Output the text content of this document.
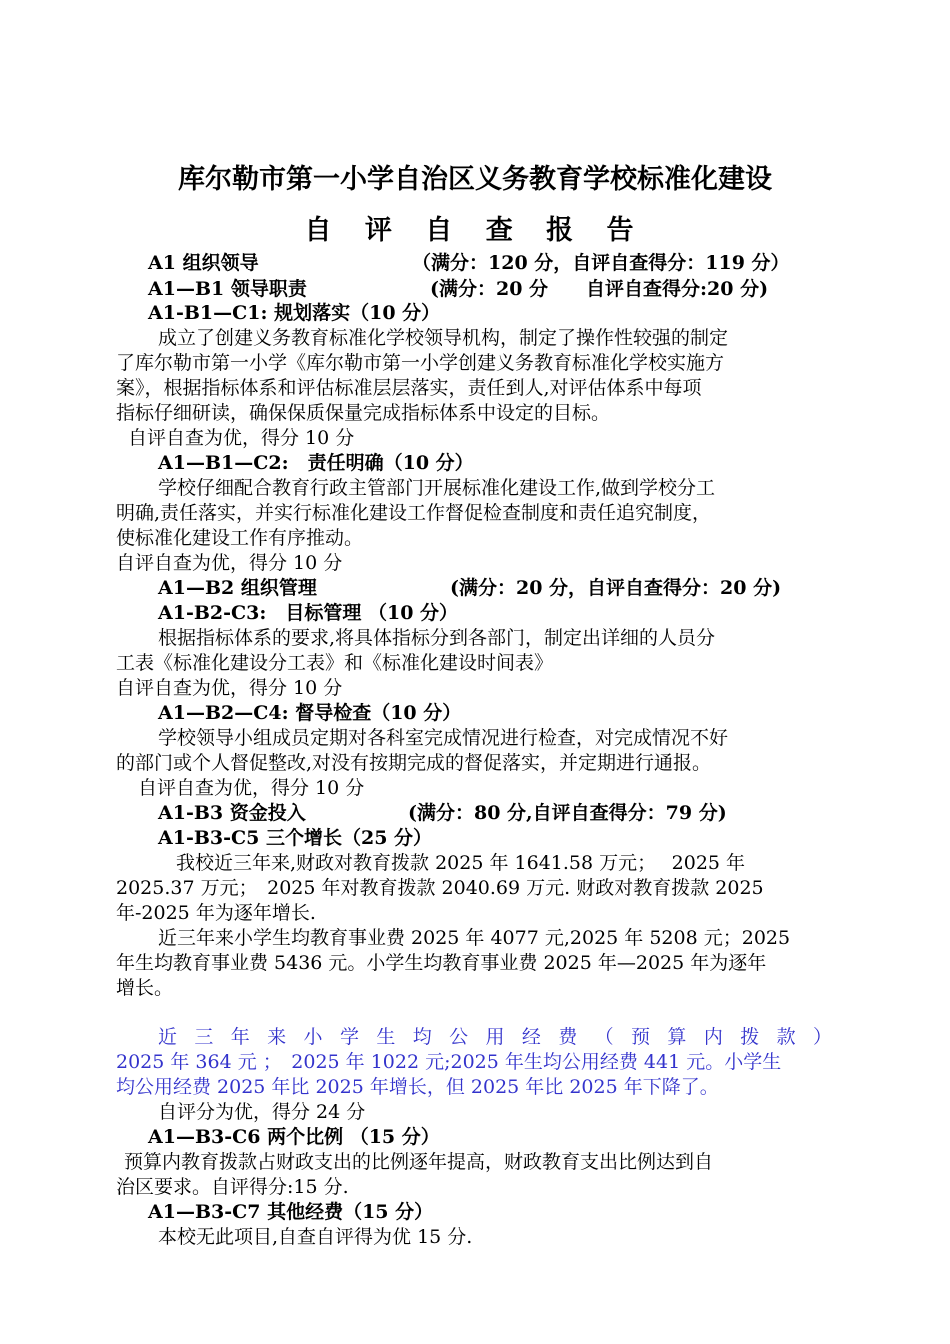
库尔勒市第一小学自治区义务教育学校标准化建设
自 评 自 查 报 告
A1 组织领导	（满分：120 分，自评自查得分：119 分）
A1—B1 领导职责	(满分：20 分　　自评自查得分:20 分)
A1-B1—C1: 规划落实（10 分）
成立了创建义务教育标准化学校领导机构，制定了操作性较强的制定
了库尔勒市第一小学《库尔勒市第一小学创建义务教育标准化学校实施方
案》，根据指标体系和评估标准层层落实，责任到人,对评估体系中每项
指标仔细研读，确保保质保量完成指标体系中设定的目标。
自评自查为优，得分 10 分
A1—B1—C2:　责任明确（10 分）
学校仔细配合教育行政主管部门开展标准化建设工作,做到学校分工
明确,责任落实，并实行标准化建设工作督促检查制度和责任追究制度，
使标准化建设工作有序推动。
自评自查为优，得分 10 分
A1—B2 组织管理	(满分：20 分，自评自查得分：20 分)
A1-B2-C3:　目标管理 （10 分）
根据指标体系的要求,将具体指标分到各部门，制定出详细的人员分
工表《标准化建设分工表》和《标准化建设时间表》
自评自查为优，得分 10 分
A1—B2—C4: 督导检查（10 分）
学校领导小组成员定期对各科室完成情况进行检查，对完成情况不好
的部门或个人督促整改,对没有按期完成的督促落实，并定期进行通报。
自评自查为优，得分 10 分
A1-B3 资金投入	(满分：80 分,自评自查得分：79 分)
A1-B3-C5 三个增长（25 分）
我校近三年来,财政对教育拨款 2025 年 1641.58 万元；　 2025 年
2025.37 万元；　2025 年对教育拨款 2040.69 万元. 财政对教育拨款 2025
年-2025 年为逐年增长.
近三年来小学生均教育事业费 2025 年 4077 元,2025 年 5208 元；2025
年生均教育事业费 5436 元。小学生均教育事业费 2025 年—2025 年为逐年
增长。
近三年来小学生均公用经费（预算内拨款）
2025 年 364 元 ；　2025 年 1022 元;2025 年生均公用经费 441 元。小学生
均公用经费 2025 年比 2025 年增长，但 2025 年比 2025 年下降了。
自评分为优，得分 24 分
A1—B3-C6 两个比例 （15 分）
预算内教育拨款占财政支出的比例逐年提高，财政教育支出比例达到自
治区要求。自评得分:15 分.
A1—B3-C7 其他经费（15 分）
本校无此项目,自查自评得为优 15 分.
